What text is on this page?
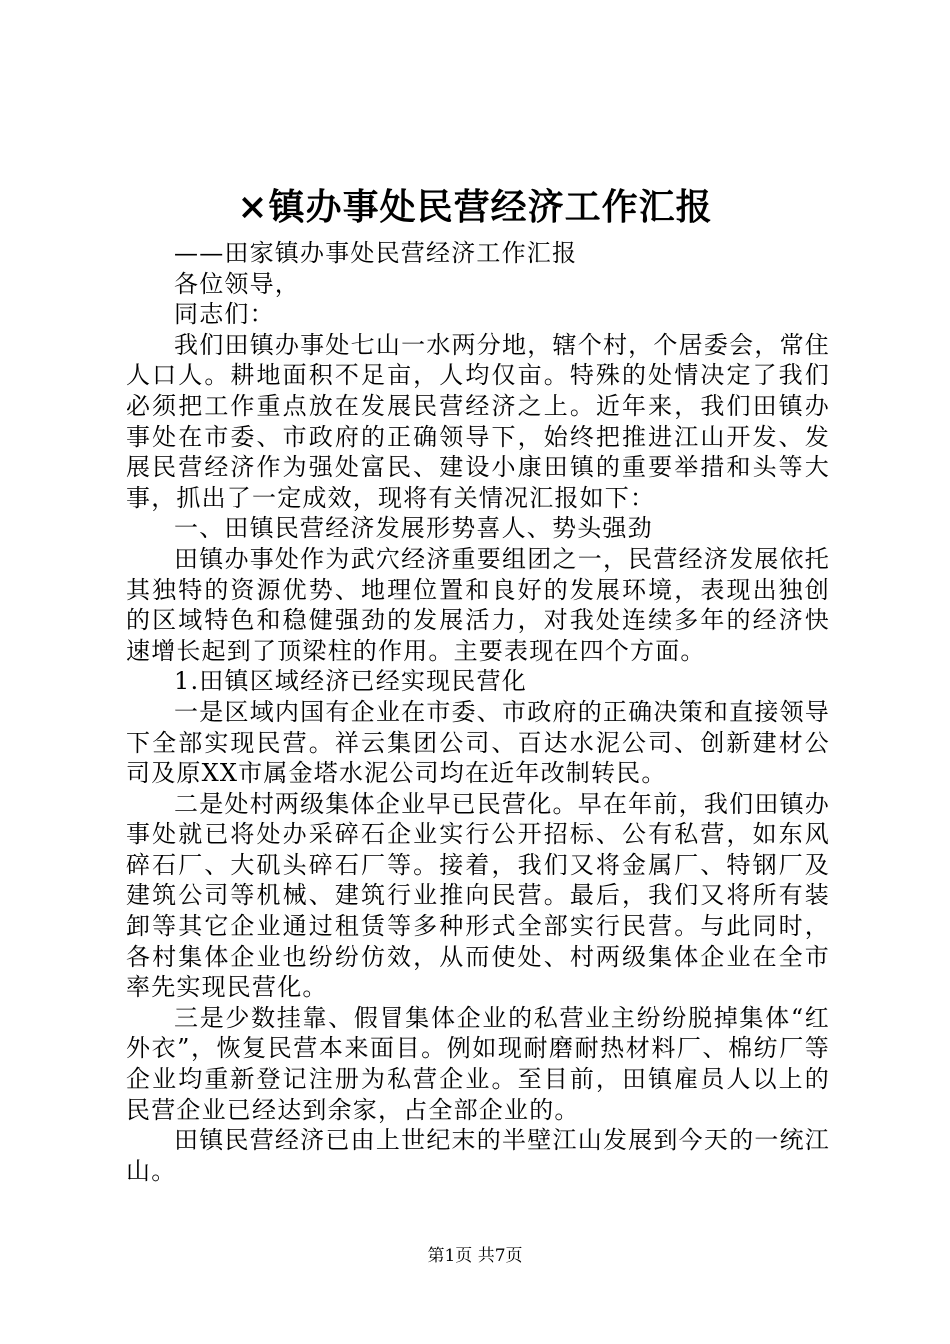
×镇办事处民营经济工作汇报

——田家镇办事处民营经济工作汇报

各位领导，

同志们：

我们田镇办事处七山一水两分地，辖个村，个居委会，常住人口人。耕地面积不足亩，人均仅亩。特殊的处情决定了我们必须把工作重点放在发展民营经济之上。近年来，我们田镇办事处在市委、市政府的正确领导下，始终把推进江山开发、发展民营经济作为强处富民、建设小康田镇的重要举措和头等大事，抓出了一定成效，现将有关情况汇报如下：

一、田镇民营经济发展形势喜人、势头强劲

田镇办事处作为武穴经济重要组团之一，民营经济发展依托其独特的资源优势、地理位置和良好的发展环境，表现出独创的区域特色和稳健强劲的发展活力，对我处连续多年的经济快速增长起到了顶梁柱的作用。主要表现在四个方面。

1.田镇区域经济已经实现民营化

一是区域内国有企业在市委、市政府的正确决策和直接领导下全部实现民营。祥云集团公司、百达水泥公司、创新建材公司及原XX市属金塔水泥公司均在近年改制转民。

二是处村两级集体企业早已民营化。早在年前，我们田镇办事处就已将处办采碎石企业实行公开招标、公有私营，如东风碎石厂、大矶头碎石厂等。接着，我们又将金属厂、特钢厂及建筑公司等机械、建筑行业推向民营。最后，我们又将所有装卸等其它企业通过租赁等多种形式全部实行民营。与此同时，各村集体企业也纷纷仿效，从而使处、村两级集体企业在全市率先实现民营化。

三是少数挂靠、假冒集体企业的私营业主纷纷脱掉集体“红外衣”，恢复民营本来面目。例如现耐磨耐热材料厂、棉纺厂等企业均重新登记注册为私营企业。至目前，田镇雇员人以上的民营企业已经达到余家，占全部企业的。

田镇民营经济已由上世纪末的半壁江山发展到今天的一统江山。

第1页 共7页
